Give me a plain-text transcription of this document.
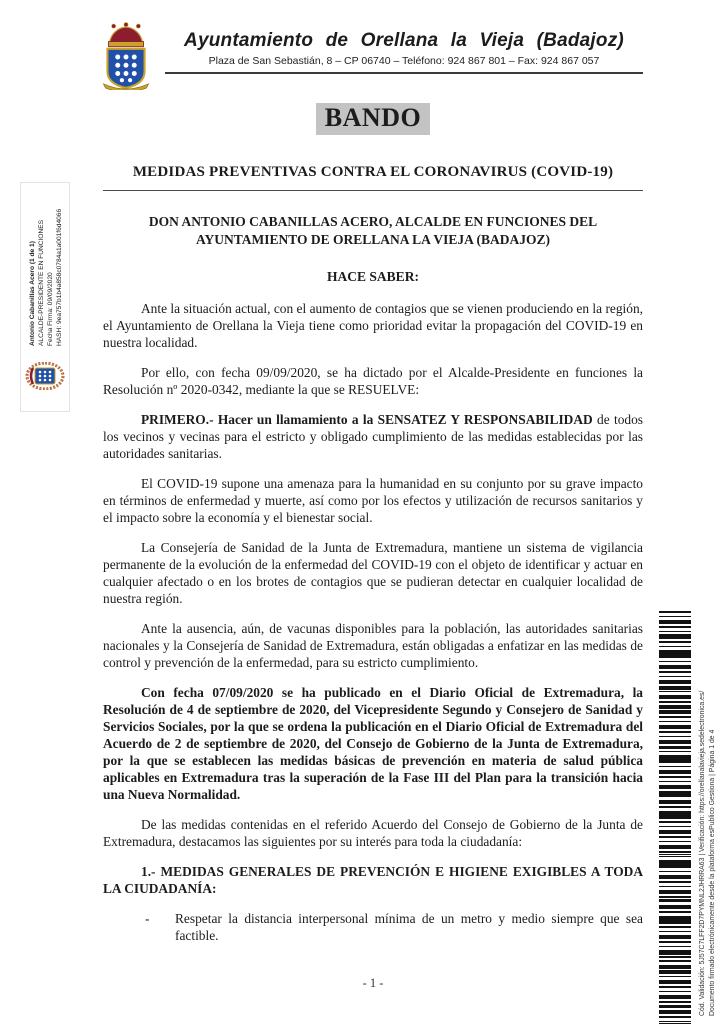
Ayuntamiento de Orellana la Vieja (Badajoz)
Plaza de San Sebastián, 8 – CP 06740 – Teléfono: 924 867 801 – Fax: 924 867 057
BANDO
MEDIDAS PREVENTIVAS CONTRA EL CORONAVIRUS (COVID-19)
DON ANTONIO CABANILLAS ACERO, ALCALDE EN FUNCIONES DEL
AYUNTAMIENTO DE ORELLANA LA VIEJA (BADAJOZ)
HACE SABER:

Ante la situación actual, con el aumento de contagios que se vienen produciendo en la región, el Ayuntamiento de Orellana la Vieja tiene como prioridad evitar la propagación del COVID-19 en nuestra localidad.

Por ello, con fecha 09/09/2020, se ha dictado por el Alcalde-Presidente en funciones la Resolución nº 2020-0342, mediante la que se RESUELVE:

PRIMERO.- Hacer un llamamiento a la SENSATEZ Y RESPONSABILIDAD de todos los vecinos y vecinas para el estricto y obligado cumplimiento de las medidas establecidas por las autoridades sanitarias.

El COVID-19 supone una amenaza para la humanidad en su conjunto por su grave impacto en términos de enfermedad y muerte, así como por los efectos y utilización de recursos sanitarios y el impacto sobre la economía y el bienestar social.

La Consejería de Sanidad de la Junta de Extremadura, mantiene un sistema de vigilancia permanente de la evolución de la enfermedad del COVID-19 con el objeto de identificar y actuar en cualquier afectado o en los brotes de contagios que se pudieran detectar en cualquier localidad de nuestra región.

Ante la ausencia, aún, de vacunas disponibles para la población, las autoridades sanitarias nacionales y la Consejería de Sanidad de Extremadura, están obligadas a enfatizar en las medidas de control y prevención de la enfermedad, para su estricto cumplimiento.

Con fecha 07/09/2020 se ha publicado en el Diario Oficial de Extremadura, la Resolución de 4 de septiembre de 2020, del Vicepresidente Segundo y Consejero de Sanidad y Servicios Sociales, por la que se ordena la publicación en el Diario Oficial de Extremadura del Acuerdo de 2 de septiembre de 2020, del Consejo de Gobierno de la Junta de Extremadura, por la que se establecen las medidas básicas de prevención en materia de salud pública aplicables en Extremadura tras la superación de la Fase III del Plan para la transición hacia una Nueva Normalidad.

De las medidas contenidas en el referido Acuerdo del Consejo de Gobierno de la Junta de Extremadura, destacamos las siguientes por su interés para toda la ciudadanía:

1.- MEDIDAS GENERALES DE PREVENCIÓN E HIGIENE EXIGIBLES A TODA LA CIUDADANÍA:

-	Respetar la distancia interpersonal mínima de un metro y medio siempre que sea factible.
- 1 -
Antonio Cabanillas Acero (1 de 1) ALCALDE-PRESIDENTE EN FUNCIONES Fecha Firma: 09/09/2020 HASH: 9ea757b1b4a858c0784a1a001f6d4066
Cód. Validación: 5J57C7LFF2D7PYMNL2JHRRA63 | Verificación: https://orellanalavieja.sedelectronica.es/ Documento firmado electrónicamente desde la plataforma esPublico Gestiona | Página 1 de 4
